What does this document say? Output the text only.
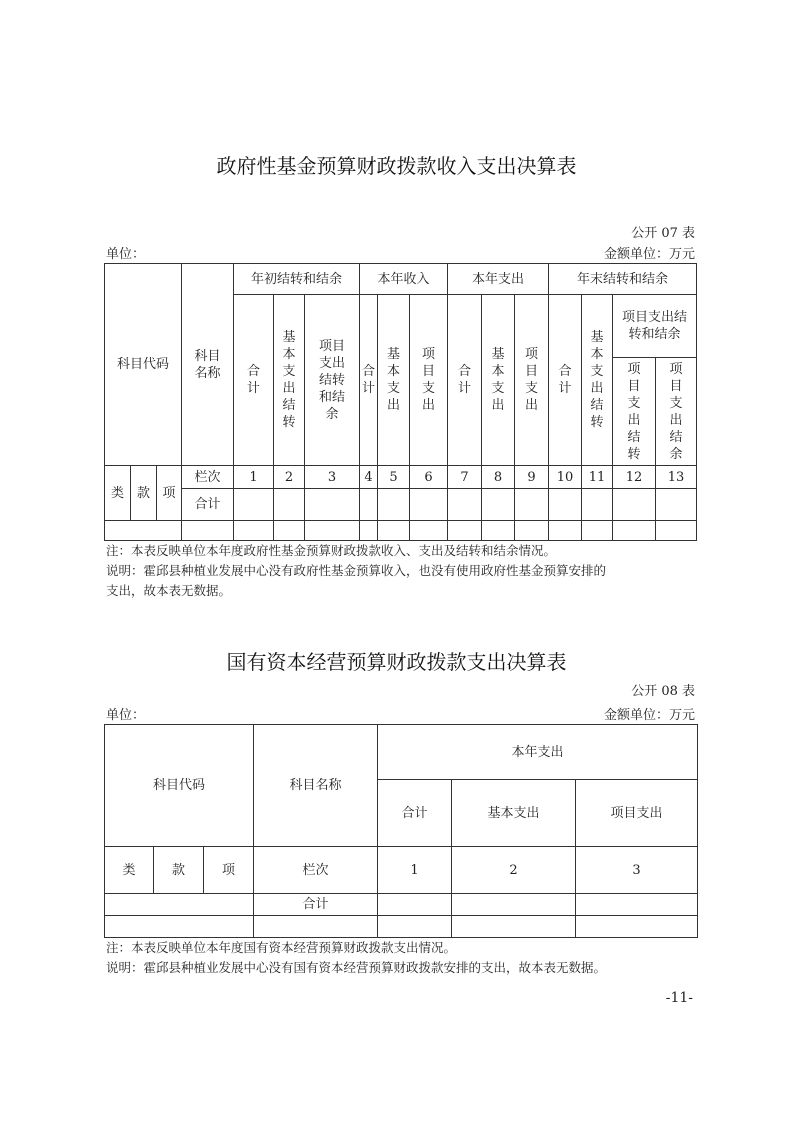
政府性基金预算财政拨款收入支出决算表
公开 07 表
单位：	金额单位：万元
科目代码			科目名称	年初结转和结余			本年收入			本年支出			年末结转和结余			
				合计	基本支出结转	项目支出结转和结余	合计	基本支出	项目支出	合计	基本支出	项目支出	合计	基本支出结转	项目支出结转和结余	
															项目支出结转	项目支出结余
类	款	项	栏次	1	2	3	4	5	6	7	8	9	10	11	12	13
			合计													

注：本表反映单位本年度政府性基金预算财政拨款收入、支出及结转和结余情况。
说明：霍邱县种植业发展中心没有政府性基金预算收入，也没有使用政府性基金预算安排的
支出，故本表无数据。
国有资本经营预算财政拨款支出决算表
公开 08 表
单位：	金额单位：万元
科目代码			科目名称	本年支出		
				合计	基本支出	项目支出
类	款	项	栏次	1	2	3
			合计			

注：本表反映单位本年度国有资本经营预算财政拨款支出情况。
说明：霍邱县种植业发展中心没有国有资本经营预算财政拨款安排的支出，故本表无数据。
-11-
